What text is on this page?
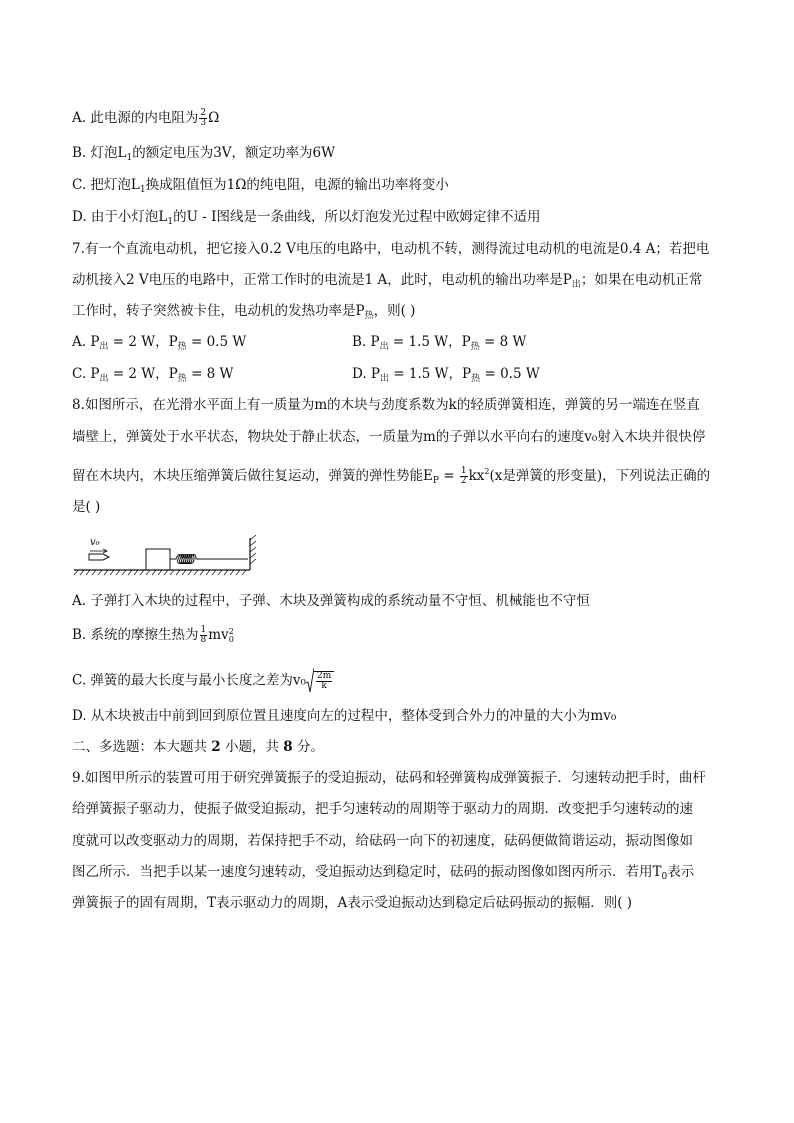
A. 此电源的内电阻为 $\frac{2}{3}$ Ω
B. 灯泡$L_1$的额定电压为3V，额定功率为6W
C. 把灯泡$L_1$换成阻值恒为1Ω的纯电阻，电源的输出功率将变小
D. 由于小灯泡$L_1$的U - I图线是一条曲线，所以灯泡发光过程中欧姆定律不适用
7.有一个直流电动机，把它接入0.2 V电压的电路中，电动机不转，测得流过电动机的电流是0.4 A；若把电
动机接入2 V电压的电路中，正常工作时的电流是1 A，此时，电动机的输出功率是$P_出$；如果在电动机正常
工作时，转子突然被卡住，电动机的发热功率是$P_热$，则( )
A. $P_出 = 2$ W，$P_热 = 0.5$ W	B. $P_出 = 1.5$ W，$P_热 = 8$ W
C. $P_出 = 2$ W，$P_热 = 8$ W	D. $P_出 = 1.5$ W，$P_热 = 0.5$ W
8.如图所示，在光滑水平面上有一质量为m的木块与劲度系数为k的轻质弹簧相连，弹簧的另一端连在竖直
墙壁上，弹簧处于水平状态，物块处于静止状态，一质量为m的子弹以水平向右的速度v₀射入木块并很快停
留在木块内，木块压缩弹簧后做往复运动，弹簧的弹性势能$E_P = \frac{1}{2} kx^2(x$是弹簧的形变量)，下列说法正确的
是( )
v₀
A. 子弹打入木块的过程中，子弹、木块及弹簧构成的系统动量不守恒、机械能也不守恒
B. 系统的摩擦生热为 $\frac{1}{8}$ mv 2
0
C. 弹簧的最大长度与最小长度之差为$v_0 \frac{2m}{k}$
D. 从木块被击中前到回到原位置且速度向左的过程中，整体受到合外力的冲量的大小为mv₀
二、多选题：本大题共 2 小题，共 8 分。
9.如图甲所示的装置可用于研究弹簧振子的受迫振动，砝码和轻弹簧构成弹簧振子．匀速转动把手时，曲杆
给弹簧振子驱动力，使振子做受迫振动，把手匀速转动的周期等于驱动力的周期．改变把手匀速转动的速
度就可以改变驱动力的周期，若保持把手不动，给砝码一向下的初速度，砝码便做简谐运动，振动图像如
图乙所示．当把手以某一速度匀速转动，受迫振动达到稳定时，砝码的振动图像如图丙所示．若用$T_0$表示
弹簧振子的固有周期，T表示驱动力的周期，A表示受迫振动达到稳定后砝码振动的振幅．则( )
